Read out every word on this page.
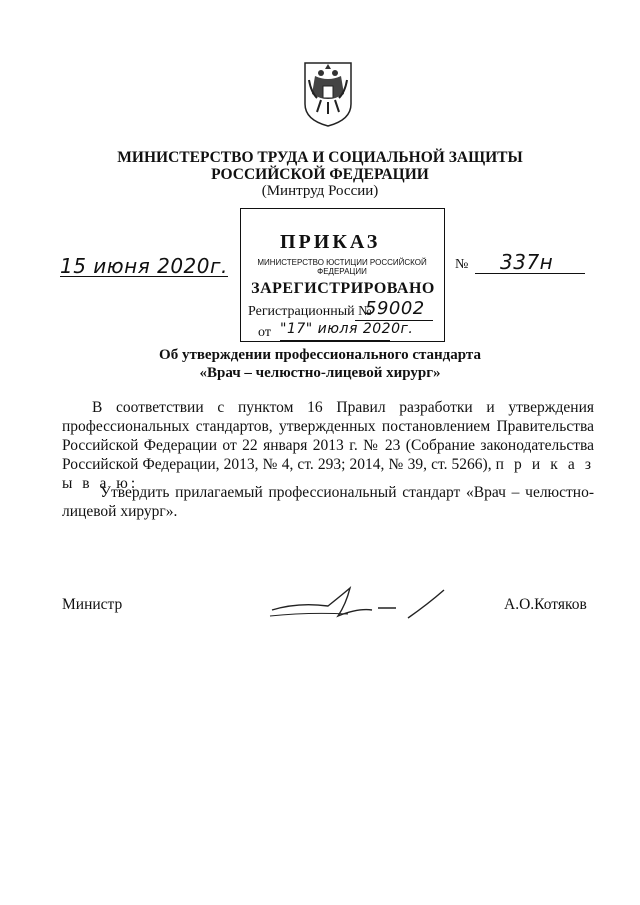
МИНИСТЕРСТВО ТРУДА И СОЦИАЛЬНОЙ ЗАЩИТЫ
РОССИЙСКОЙ ФЕДЕРАЦИИ
(Минтруд России)
15 июня 2020г.
ПРИКАЗ
МИНИСТЕРСТВО ЮСТИЦИИ РОССИЙСКОЙ ФЕДЕРАЦИИ
ЗАРЕГИСТРИРОВАНО
Регистрационный №
59002
от "17" июля 2020г.
№ 337н
Об утверждении профессионального стандарта
«Врач – челюстно-лицевой хирург»
В соответствии с пунктом 16 Правил разработки и утверждения профессиональных стандартов, утвержденных постановлением Правительства Российской Федерации от 22 января 2013 г. № 23 (Собрание законодательства Российской Федерации, 2013, № 4, ст. 293; 2014, № 39, ст. 5266), п р и к а з ы в а ю:
Утвердить прилагаемый профессиональный стандарт «Врач – челюстно-лицевой хирург».
Министр	А.О.Котяков
